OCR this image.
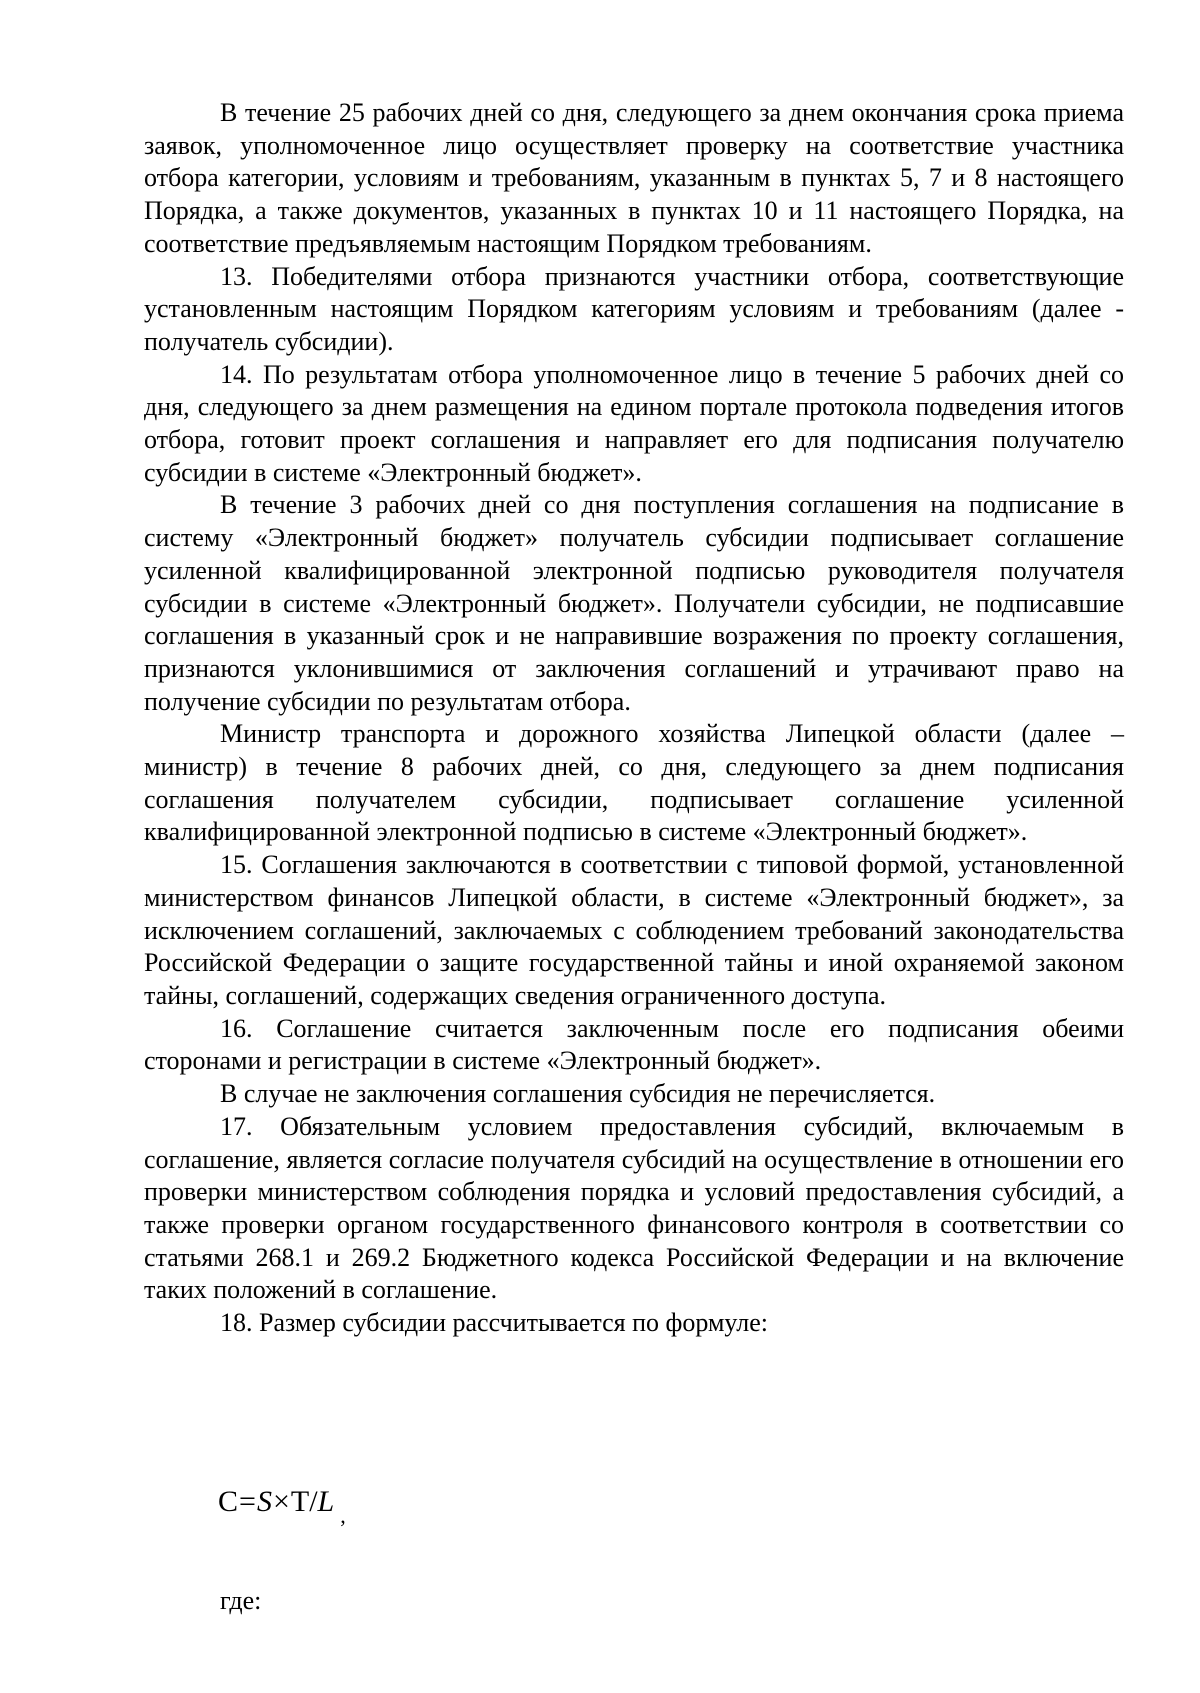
В течение 25 рабочих дней со дня, следующего за днем окончания срока приема заявок, уполномоченное лицо осуществляет проверку на соответствие участника отбора категории, условиям и требованиям, указанным в пунктах 5, 7 и 8 настоящего Порядка, а также документов, указанных в пунктах 10 и 11 настоящего Порядка, на соответствие предъявляемым настоящим Порядком требованиям.

13. Победителями отбора признаются участники отбора, соответствующие установленным настоящим Порядком категориям условиям и требованиям (далее - получатель субсидии).

14. По результатам отбора уполномоченное лицо в течение 5 рабочих дней со дня, следующего за днем размещения на едином портале протокола подведения итогов отбора, готовит проект соглашения и направляет его для подписания получателю субсидии в системе «Электронный бюджет».

В течение 3 рабочих дней со дня поступления соглашения на подписание в систему «Электронный бюджет» получатель субсидии подписывает соглашение усиленной квалифицированной электронной подписью руководителя получателя субсидии в системе «Электронный бюджет». Получатели субсидии, не подписавшие соглашения в указанный срок и не направившие возражения по проекту соглашения, признаются уклонившимися от заключения соглашений и утрачивают право на получение субсидии по результатам отбора.

Министр транспорта и дорожного хозяйства Липецкой области (далее – министр) в течение 8 рабочих дней, со дня, следующего за днем подписания соглашения получателем субсидии, подписывает соглашение усиленной квалифицированной электронной подписью в системе «Электронный бюджет».

15. Соглашения заключаются в соответствии с типовой формой, установленной министерством финансов Липецкой области, в системе «Электронный бюджет», за исключением соглашений, заключаемых с соблюдением требований законодательства Российской Федерации о защите государственной тайны и иной охраняемой законом тайны, соглашений, содержащих сведения ограниченного доступа.

16. Соглашение считается заключенным после его подписания обеими сторонами и регистрации в системе «Электронный бюджет».

В случае не заключения соглашения субсидия не перечисляется.

17. Обязательным условием предоставления субсидий, включаемым в соглашение, является согласие получателя субсидий на осуществление в отношении его проверки министерством соблюдения порядка и условий предоставления субсидий, а также проверки органом государственного финансового контроля в соответствии со статьями 268.1 и 269.2 Бюджетного кодекса Российской Федерации и на включение таких положений в соглашение.

18. Размер субсидии рассчитывается по формуле:

C=S×T/L $_,$
где:
